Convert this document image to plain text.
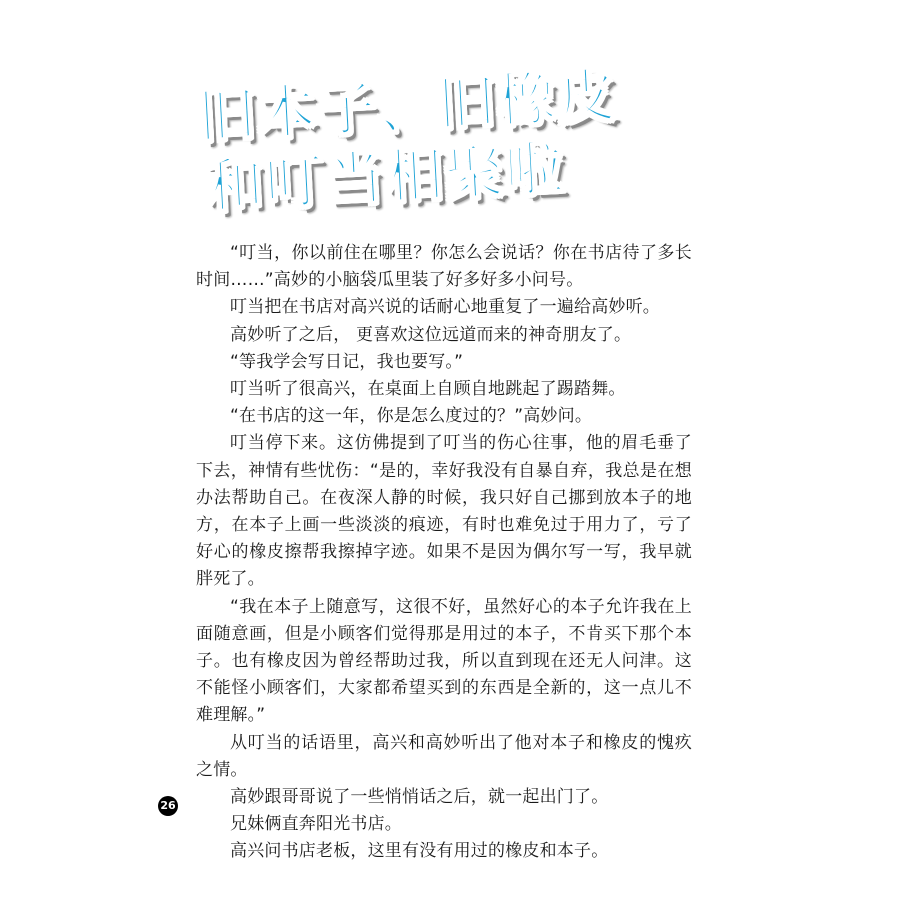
旧本子、旧橡皮
和叮当相聚啦

“叮当，你以前住在哪里？你怎么会说话？你在书店待了多长时间……”高妙的小脑袋瓜里装了好多好多小问号。

叮当把在书店对高兴说的话耐心地重复了一遍给高妙听。

高妙听了之后， 更喜欢这位远道而来的神奇朋友了。

“等我学会写日记，我也要写。”

叮当听了很高兴，在桌面上自顾自地跳起了踢踏舞。

“在书店的这一年，你是怎么度过的？”高妙问。

叮当停下来。这仿佛提到了叮当的伤心往事，他的眉毛垂了下去，神情有些忧伤：“是的，幸好我没有自暴自弃，我总是在想办法帮助自己。在夜深人静的时候，我只好自己挪到放本子的地方，在本子上画一些淡淡的痕迹，有时也难免过于用力了，亏了好心的橡皮擦帮我擦掉字迹。如果不是因为偶尔写一写，我早就胖死了。

“我在本子上随意写，这很不好，虽然好心的本子允许我在上面随意画，但是小顾客们觉得那是用过的本子，不肯买下那个本子。也有橡皮因为曾经帮助过我，所以直到现在还无人问津。这不能怪小顾客们，大家都希望买到的东西是全新的，这一点儿不难理解。”

从叮当的话语里，高兴和高妙听出了他对本子和橡皮的愧疚之情。

高妙跟哥哥说了一些悄悄话之后，就一起出门了。

兄妹俩直奔阳光书店。

高兴问书店老板，这里有没有用过的橡皮和本子。

26
